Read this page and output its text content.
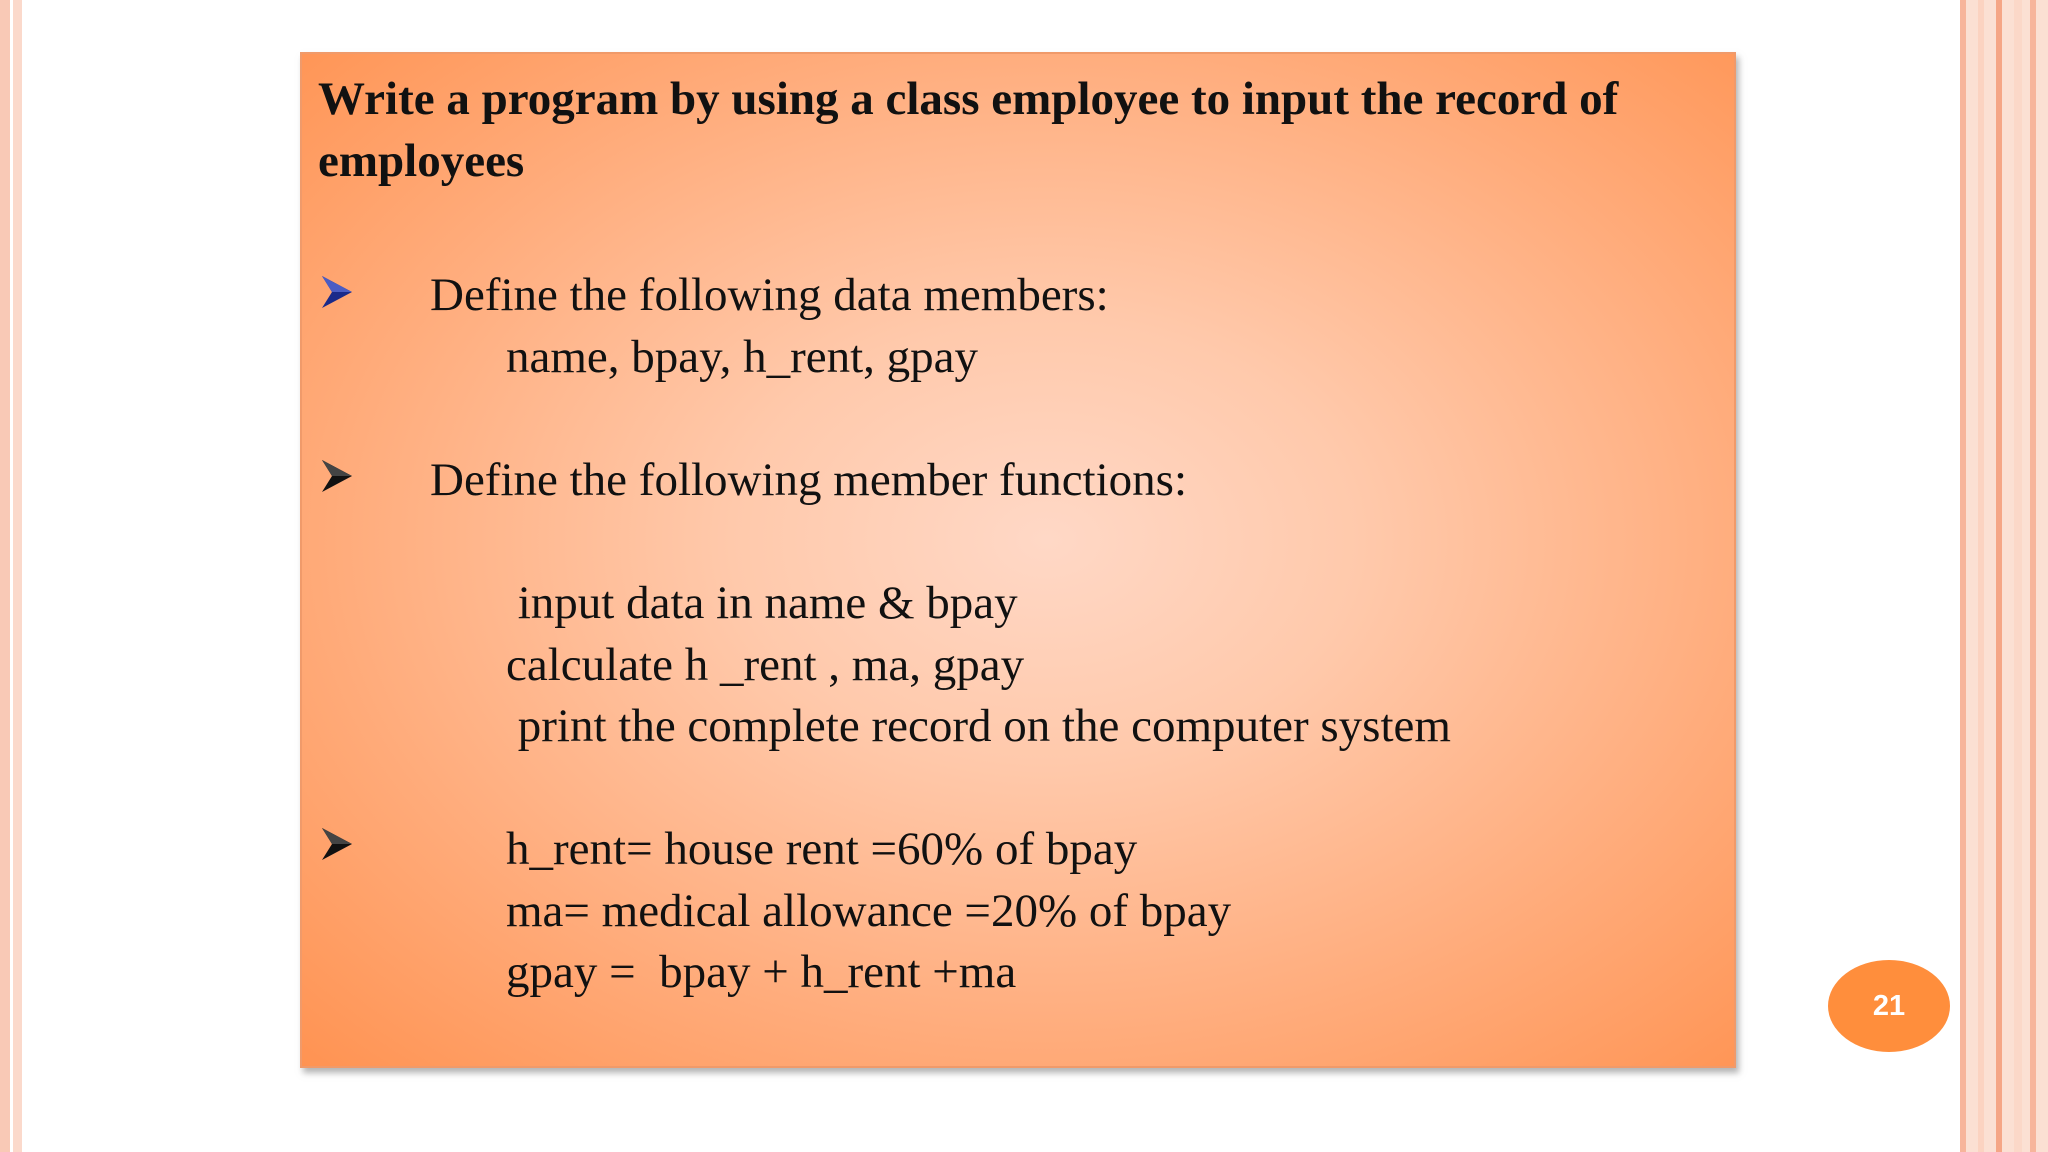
Write a program by using a class employee to input the record of employees

Define the following data members:
name, bpay, h_rent, gpay
Define the following member functions:
input data in name & bpay
calculate h _rent , ma, gpay
print the complete record on the computer system
h_rent= house rent =60% of bpay
ma= medical allowance =20% of bpay
gpay =  bpay + h_rent +ma
21
